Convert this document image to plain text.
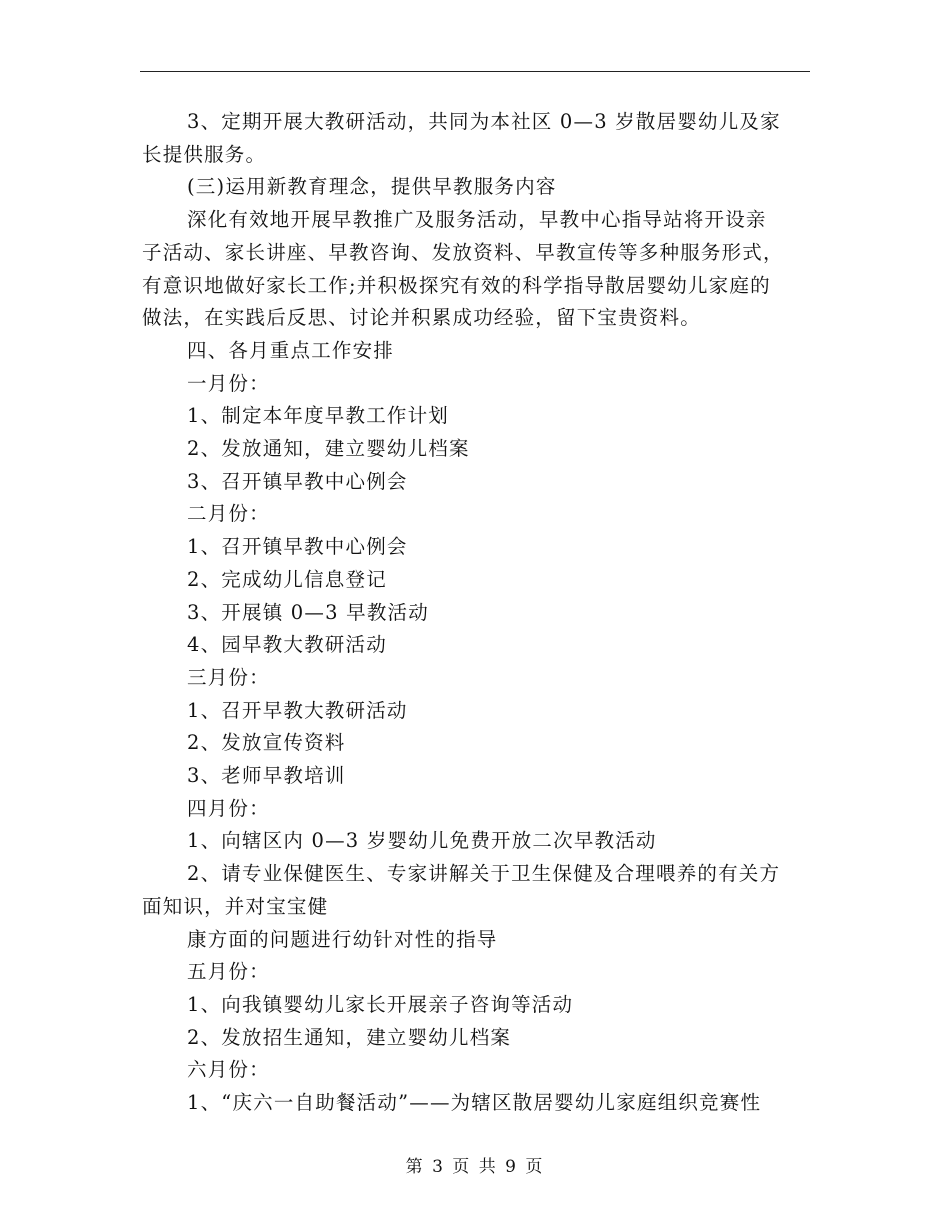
3、定期开展大教研活动，共同为本社区 0—3 岁散居婴幼儿及家

长提供服务。

(三)运用新教育理念，提供早教服务内容

深化有效地开展早教推广及服务活动，早教中心指导站将开设亲

子活动、家长讲座、早教咨询、发放资料、早教宣传等多种服务形式，

有意识地做好家长工作;并积极探究有效的科学指导散居婴幼儿家庭的

做法，在实践后反思、讨论并积累成功经验，留下宝贵资料。

四、各月重点工作安排

一月份：

1、制定本年度早教工作计划

2、发放通知，建立婴幼儿档案

3、召开镇早教中心例会

二月份：

1、召开镇早教中心例会

2、完成幼儿信息登记

3、开展镇 0—3 早教活动

4、园早教大教研活动

三月份：

1、召开早教大教研活动

2、发放宣传资料

3、老师早教培训

四月份：

1、向辖区内 0—3 岁婴幼儿免费开放二次早教活动

2、请专业保健医生、专家讲解关于卫生保健及合理喂养的有关方

面知识，并对宝宝健

康方面的问题进行幼针对性的指导

五月份：

1、向我镇婴幼儿家长开展亲子咨询等活动

2、发放招生通知，建立婴幼儿档案

六月份：

1、“庆六一自助餐活动”——为辖区散居婴幼儿家庭组织竞赛性

第 3 页 共 9 页
